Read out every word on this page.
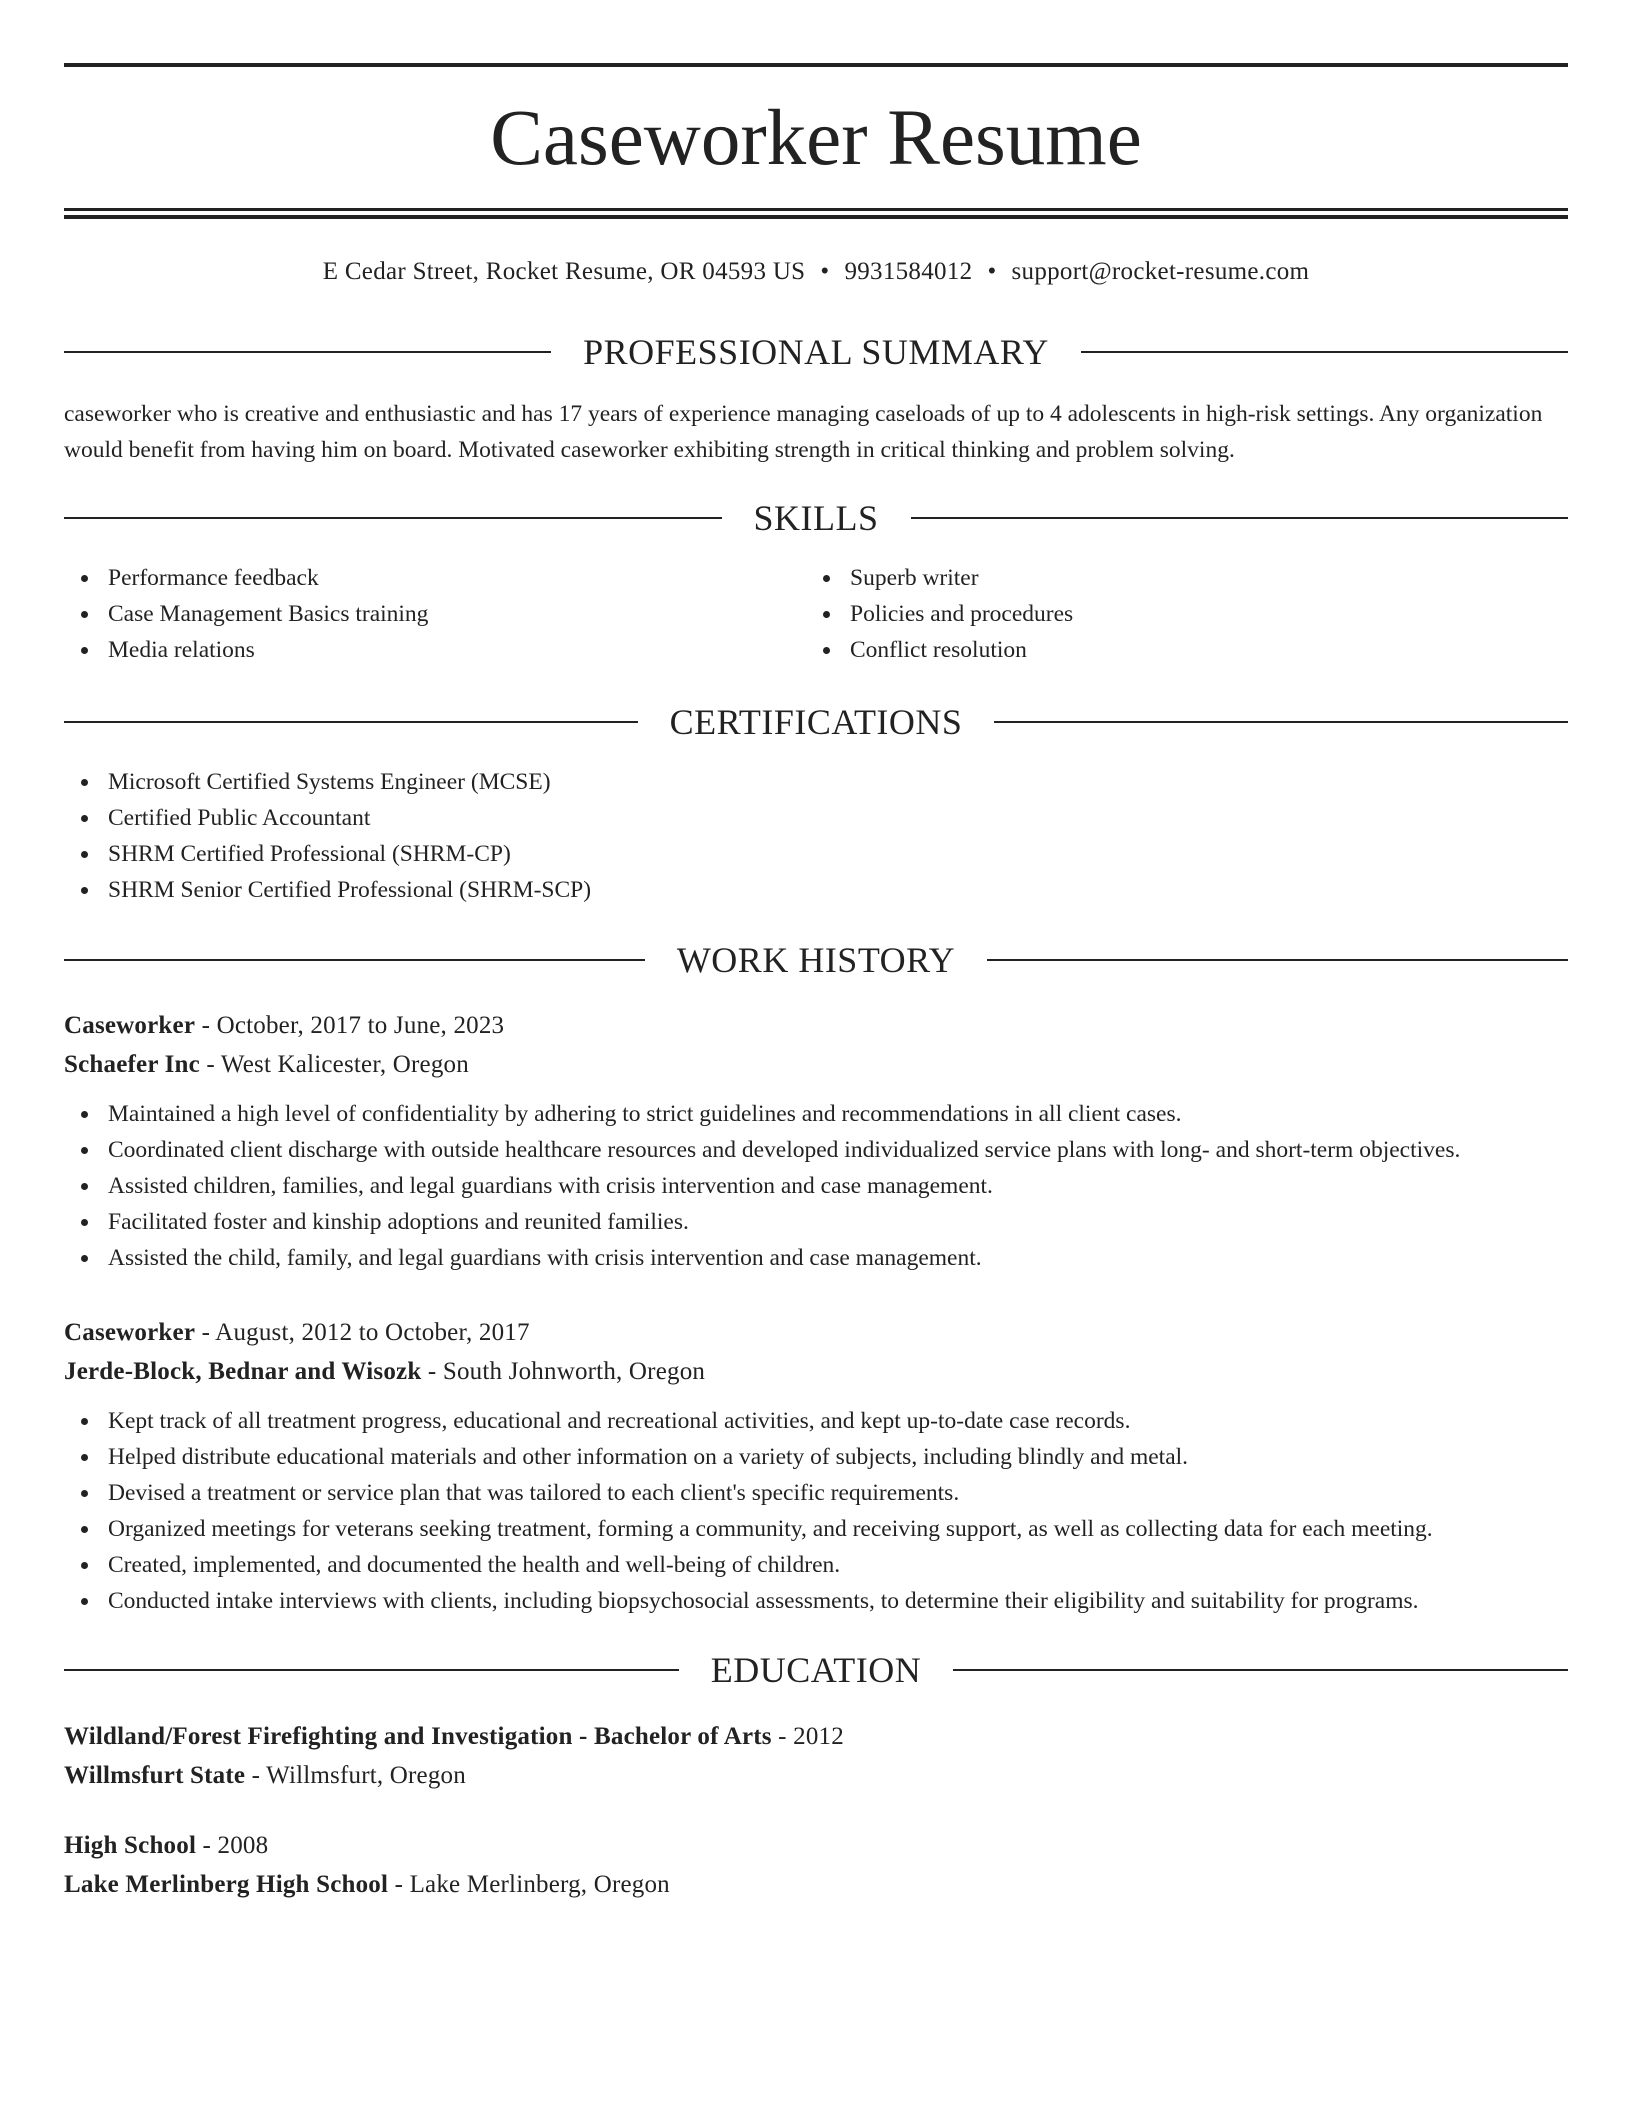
Caseworker Resume
E Cedar Street, Rocket Resume, OR 04593 US • 9931584012 • support@rocket-resume.com
PROFESSIONAL SUMMARY
caseworker who is creative and enthusiastic and has 17 years of experience managing caseloads of up to 4 adolescents in high-risk settings. Any organization would benefit from having him on board. Motivated caseworker exhibiting strength in critical thinking and problem solving.
SKILLS
Performance feedback
Case Management Basics training
Media relations
Superb writer
Policies and procedures
Conflict resolution
CERTIFICATIONS
Microsoft Certified Systems Engineer (MCSE)
Certified Public Accountant
SHRM Certified Professional (SHRM-CP)
SHRM Senior Certified Professional (SHRM-SCP)
WORK HISTORY
Caseworker - October, 2017 to June, 2023
Schaefer Inc - West Kalicester, Oregon
Maintained a high level of confidentiality by adhering to strict guidelines and recommendations in all client cases.
Coordinated client discharge with outside healthcare resources and developed individualized service plans with long- and short-term objectives.
Assisted children, families, and legal guardians with crisis intervention and case management.
Facilitated foster and kinship adoptions and reunited families.
Assisted the child, family, and legal guardians with crisis intervention and case management.
Caseworker - August, 2012 to October, 2017
Jerde-Block, Bednar and Wisozk - South Johnworth, Oregon
Kept track of all treatment progress, educational and recreational activities, and kept up-to-date case records.
Helped distribute educational materials and other information on a variety of subjects, including blindly and metal.
Devised a treatment or service plan that was tailored to each client's specific requirements.
Organized meetings for veterans seeking treatment, forming a community, and receiving support, as well as collecting data for each meeting.
Created, implemented, and documented the health and well-being of children.
Conducted intake interviews with clients, including biopsychosocial assessments, to determine their eligibility and suitability for programs.
EDUCATION
Wildland/Forest Firefighting and Investigation - Bachelor of Arts - 2012
Willmsfurt State - Willmsfurt, Oregon
High School - 2008
Lake Merlinberg High School - Lake Merlinberg, Oregon
